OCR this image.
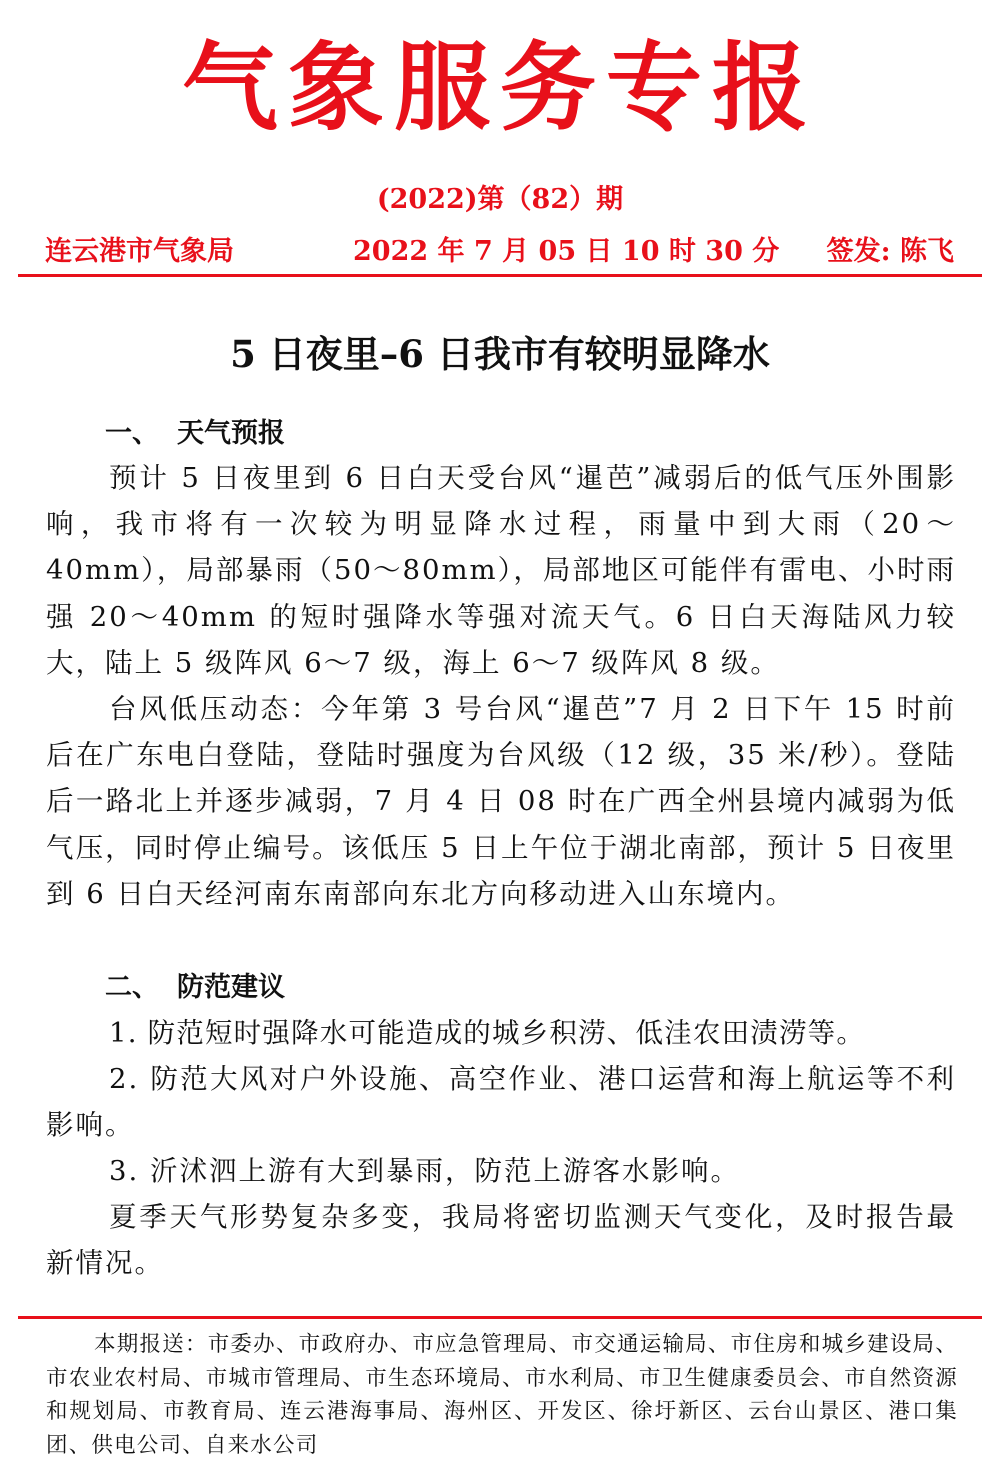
气象服务专报
(2022)第（82）期
连云港市气象局	2022 年 7 月 05 日 10 时 30 分 签发: 陈飞
5 日夜里–6 日我市有较明显降水
一、 天气预报

预计 5 日夜里到 6 日白天受台风“暹芭”减弱后的低气压外围影响，我市将有一次较为明显降水过程，雨量中到大雨（20～40mm），局部暴雨（50～80mm），局部地区可能伴有雷电、小时雨强 20～40mm 的短时强降水等强对流天气。6 日白天海陆风力较大，陆上 5 级阵风 6～7 级，海上 6～7 级阵风 8 级。

台风低压动态：今年第 3 号台风“暹芭”7 月 2 日下午 15 时前后在广东电白登陆，登陆时强度为台风级（12 级，35 米/秒）。登陆后一路北上并逐步减弱，7 月 4 日 08 时在广西全州县境内减弱为低气压，同时停止编号。该低压 5 日上午位于湖北南部，预计 5 日夜里到 6 日白天经河南东南部向东北方向移动进入山东境内。

二、 防范建议

1. 防范短时强降水可能造成的城乡积涝、低洼农田渍涝等。

2. 防范大风对户外设施、高空作业、港口运营和海上航运等不利影响。

3. 沂沭泗上游有大到暴雨，防范上游客水影响。

夏季天气形势复杂多变，我局将密切监测天气变化，及时报告最新情况。

本期报送：市委办、市政府办、市应急管理局、市交通运输局、市住房和城乡建设局、市农业农村局、市城市管理局、市生态环境局、市水利局、市卫生健康委员会、市自然资源和规划局、市教育局、连云港海事局、海州区、开发区、徐圩新区、云台山景区、港口集团、供电公司、自来水公司
